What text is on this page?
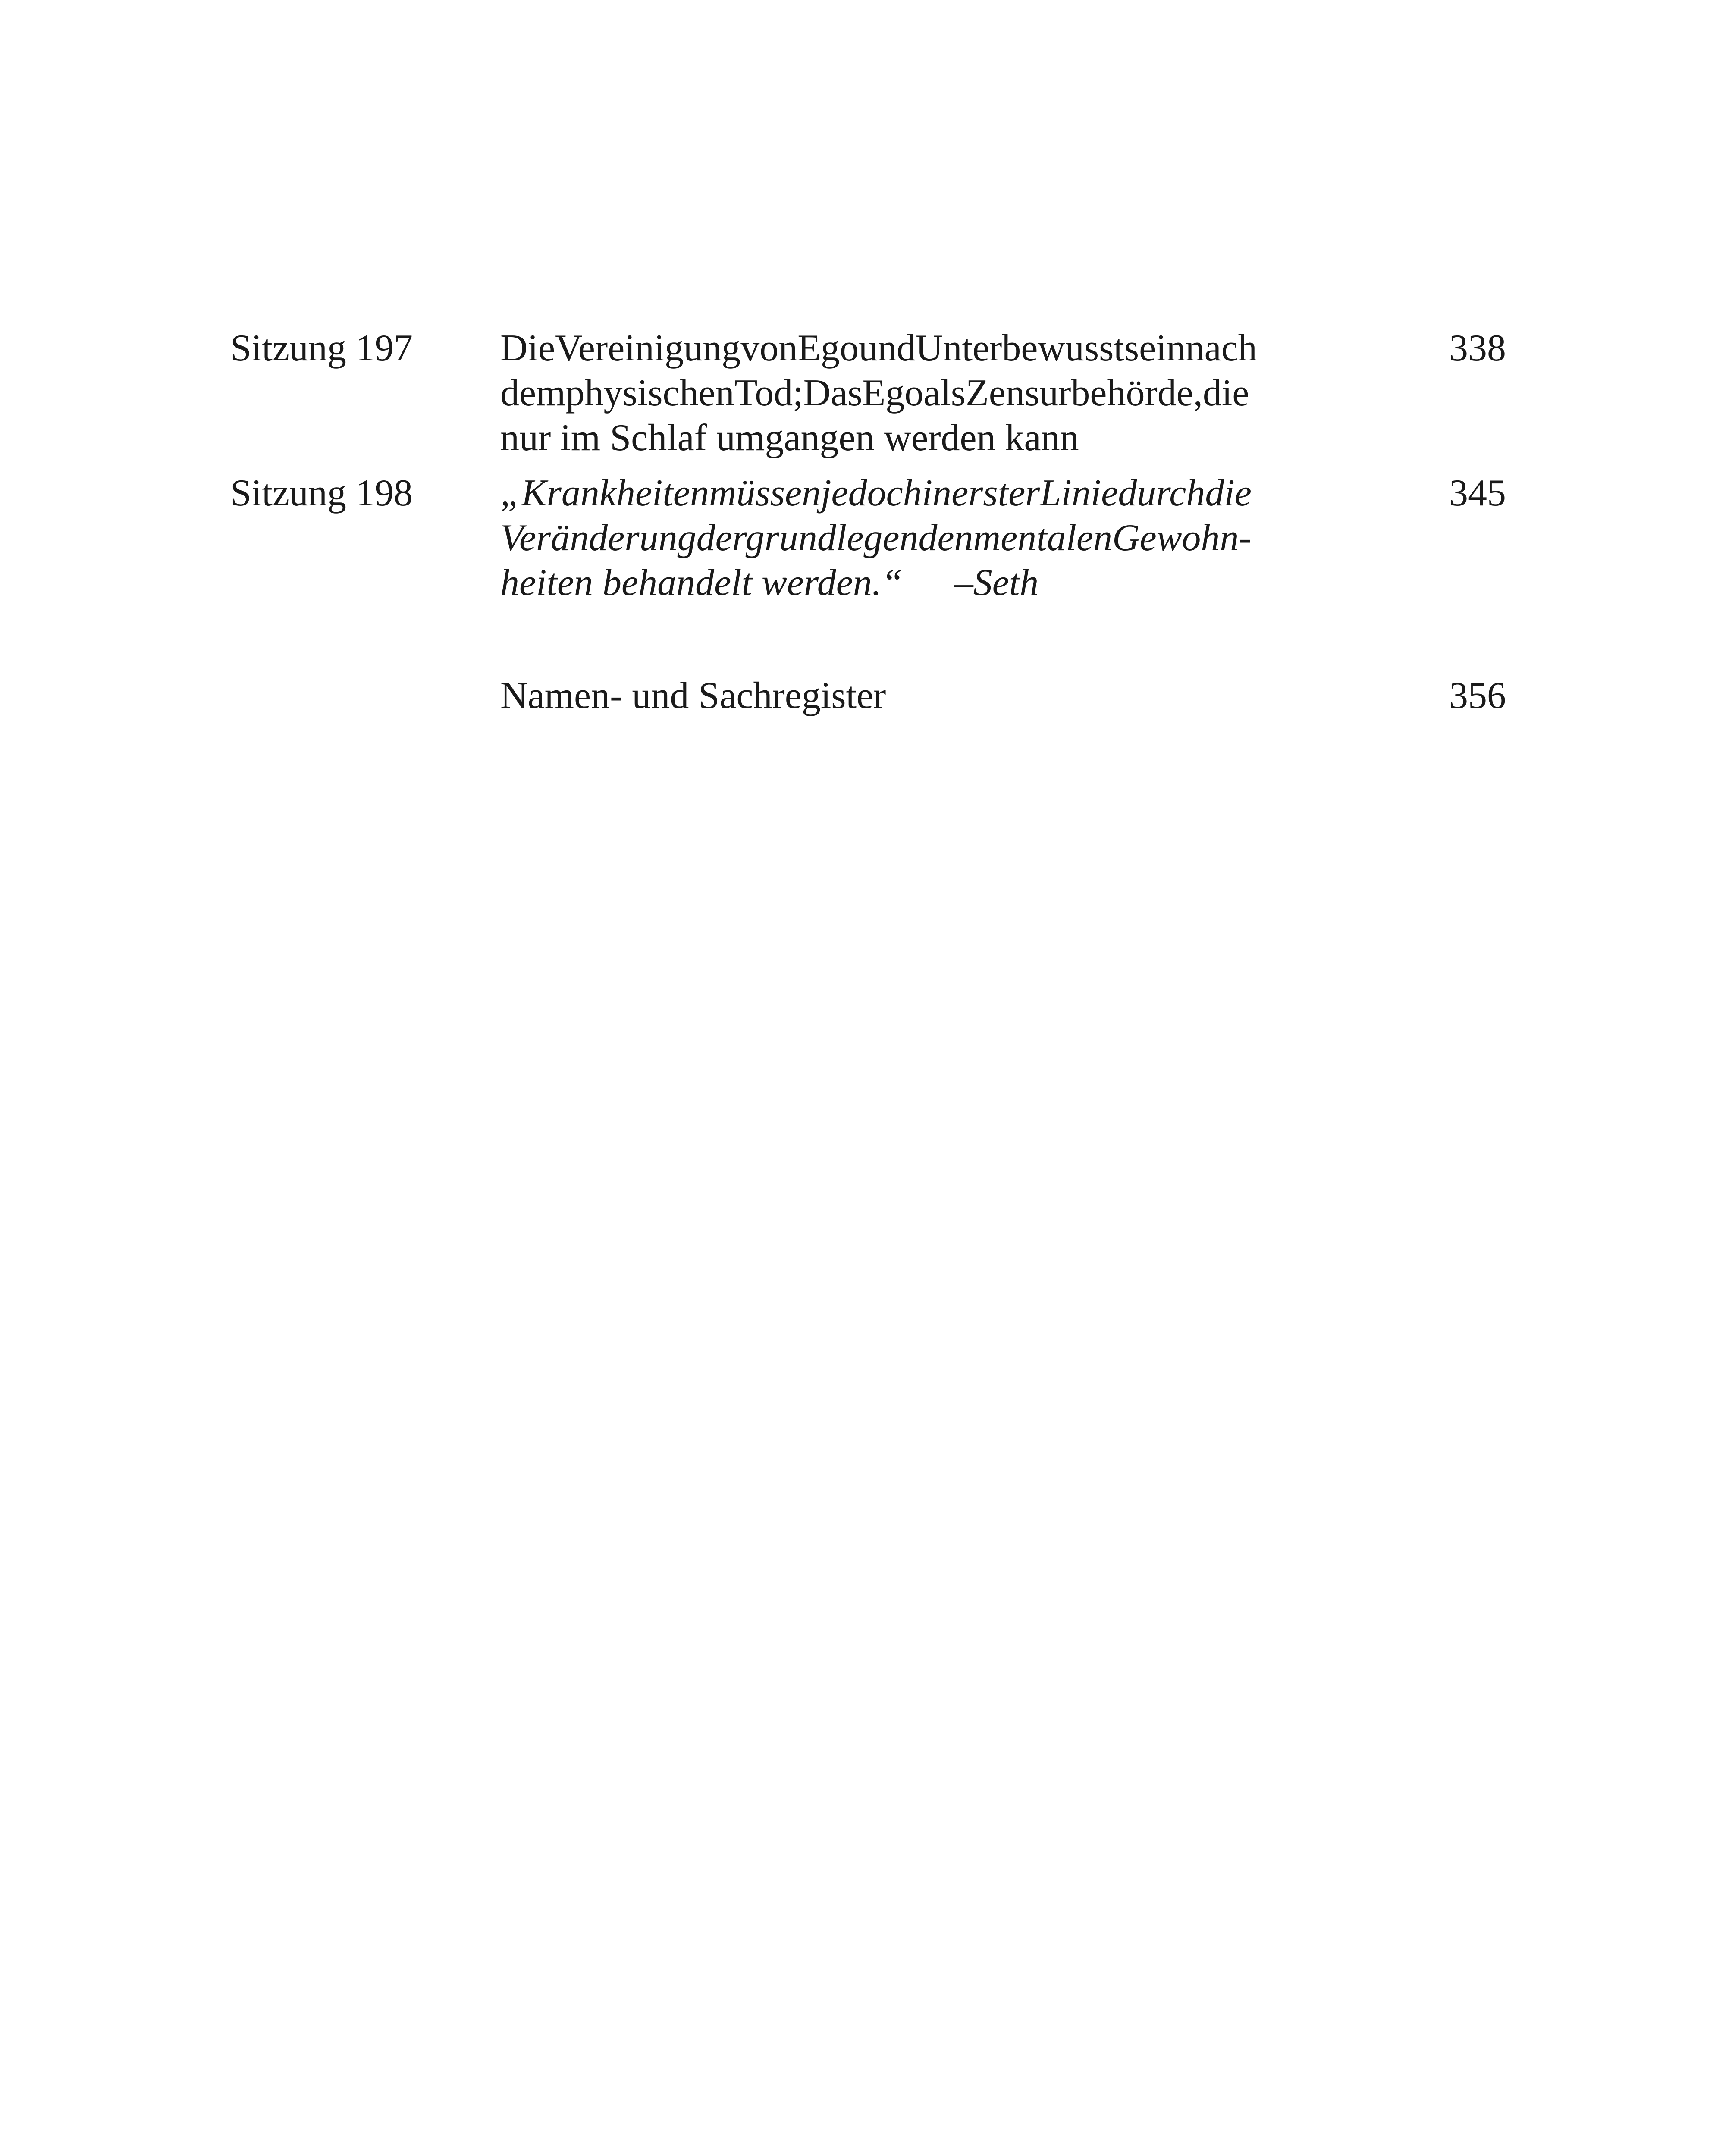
Sitzung 197 DieVereinigungvonEgoundUnterbewusstseinnach
demphysischenTod;DasEgoalsZensurbehörde,die
nur im Schlaf umgangen werden kann
338
Sitzung 198 „KrankheitenmüssenjedochinersterLiniedurchdie
VeränderungdergrundlegendenmentalenGewohn-
heiten behandelt werden.“ –Seth
345
Namen- und Sachregister	356
